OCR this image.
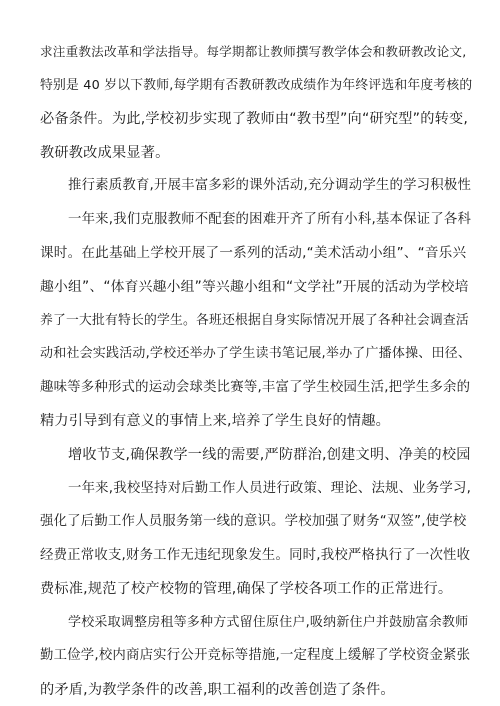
求注重教法改革和学法指导。每学期都让教师撰写教学体会和教研教改论文,
特别是 40 岁以下教师,每学期有否教研教改成绩作为年终评选和年度考核的
必备条件。为此,学校初步实现了教师由“教书型”向“研究型”的转变,
教研教改成果显著。
推行素质教育,开展丰富多彩的课外活动,充分调动学生的学习积极性
一年来,我们克服教师不配套的困难开齐了所有小科,基本保证了各科
课时。在此基础上学校开展了一系列的活动,“美术活动小组”、“音乐兴
趣小组”、“体育兴趣小组”等兴趣小组和“文学社”开展的活动为学校培
养了一大批有特长的学生。各班还根据自身实际情况开展了各种社会调查活
动和社会实践活动,学校还举办了学生读书笔记展,举办了广播体操、田径、
趣味等多种形式的运动会球类比赛等,丰富了学生校园生活,把学生多余的
精力引导到有意义的事情上来,培养了学生良好的情趣。
增收节支,确保教学一线的需要,严防群治,创建文明、净美的校园
一年来,我校坚持对后勤工作人员进行政策、理论、法规、业务学习,
强化了后勤工作人员服务第一线的意识。学校加强了财务“双签”,使学校
经费正常收支,财务工作无违纪现象发生。同时,我校严格执行了一次性收
费标准,规范了校产校物的管理,确保了学校各项工作的正常进行。
学校采取调整房租等多种方式留住原住户,吸纳新住户并鼓励富余教师
勤工俭学,校内商店实行公开竞标等措施,一定程度上缓解了学校资金紧张
的矛盾,为教学条件的改善,职工福利的改善创造了条件。
